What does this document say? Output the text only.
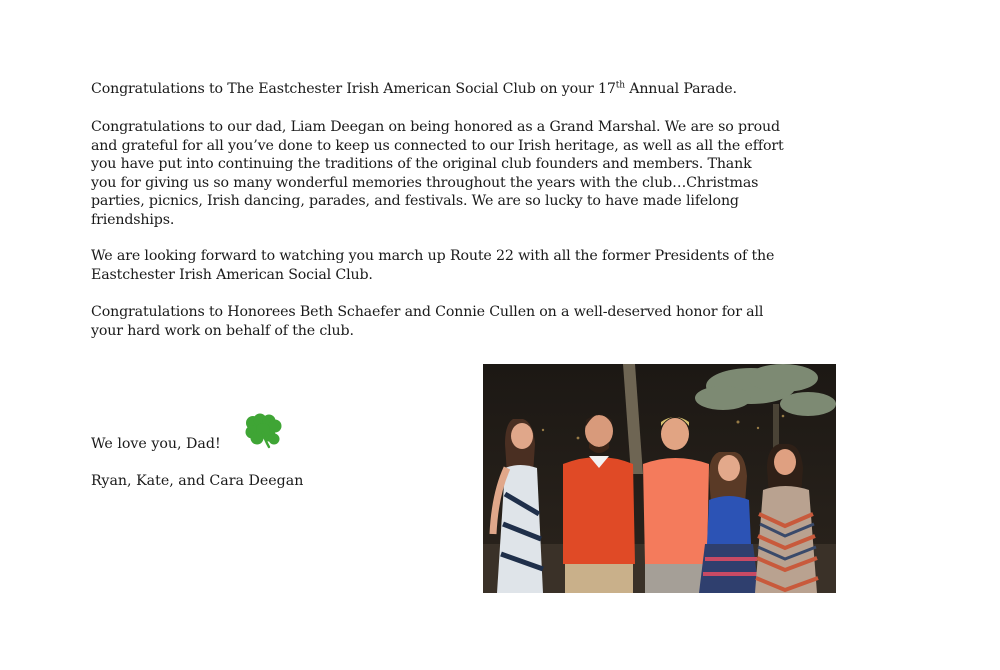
Congratulations to The Eastchester Irish American Social Club on your 17th Annual Parade.

Congratulations to our dad, Liam Deegan on being honored as a Grand Marshal. We are so proud
and grateful for all you’ve done to keep us connected to our Irish heritage, as well as all the effort
you have put into continuing the traditions of the original club founders and members. Thank
you for giving us so many wonderful memories throughout the years with the club…Christmas
parties, picnics, Irish dancing, parades, and festivals. We are so lucky to have made lifelong
friendships.

We are looking forward to watching you march up Route 22 with all the former Presidents of the
Eastchester Irish American Social Club.

Congratulations to Honorees Beth Schaefer and Connie Cullen on a well-deserved honor for all
your hard work on behalf of the club.

We love you, Dad!
Ryan, Kate, and Cara Deegan
